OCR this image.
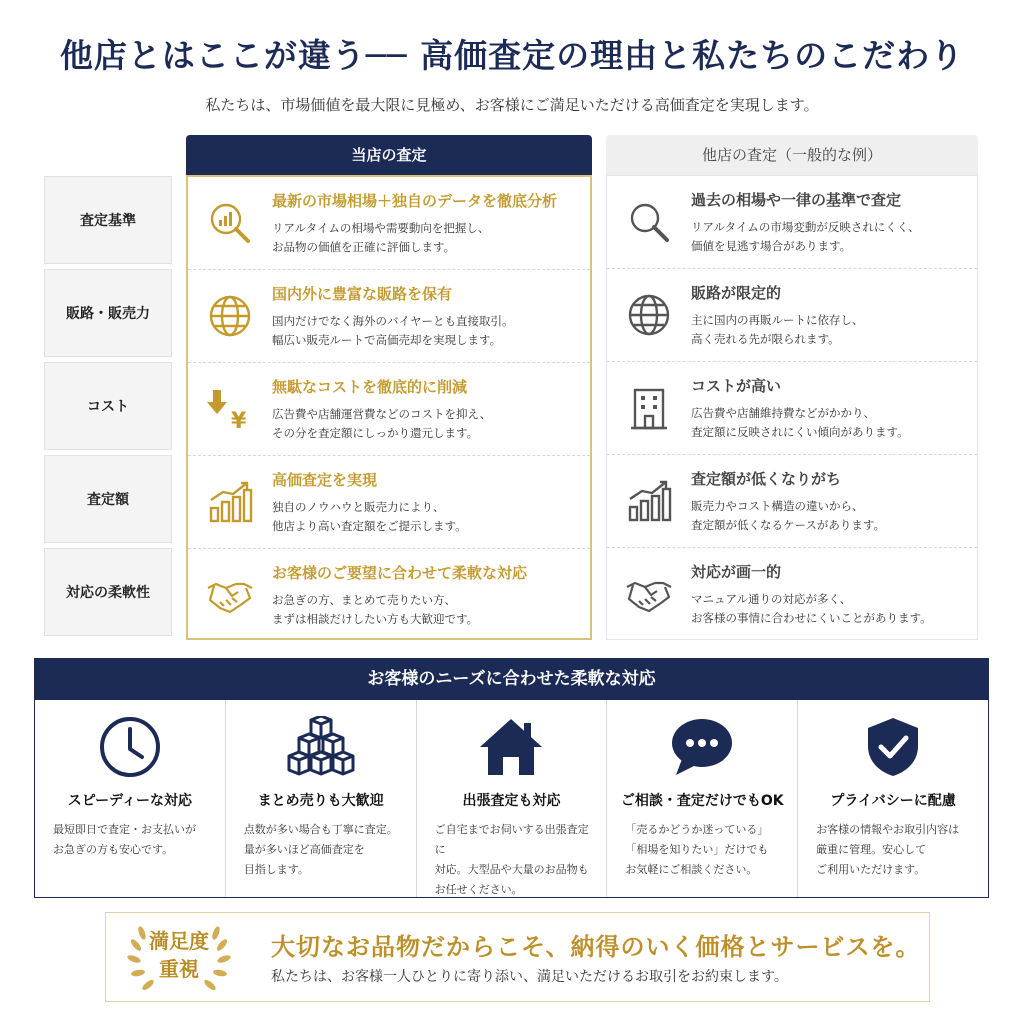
他店とはここが違う── 高価査定の理由と私たちのこだわり
私たちは、市場価値を最大限に見極め、お客様にご満足いただける高価査定を実現します。
当店の査定	他店の査定（一般的な例）
査定基準
販路・販売力
コスト
査定額
対応の柔軟性
最新の市場相場＋独自のデータを徹底分析
リアルタイムの相場や需要動向を把握し、
お品物の価値を正確に評価します。
国内外に豊富な販路を保有
国内だけでなく海外のバイヤーとも直接取引。
幅広い販売ルートで高価売却を実現します。
¥
無駄なコストを徹底的に削減
広告費や店舗運営費などのコストを抑え、
その分を査定額にしっかり還元します。
高価査定を実現
独自のノウハウと販売力により、
他店より高い査定額をご提示します。
お客様のご要望に合わせて柔軟な対応
お急ぎの方、まとめて売りたい方、
まずは相談だけしたい方も大歓迎です。
過去の相場や一律の基準で査定
リアルタイムの市場変動が反映されにくく、
価値を見逃す場合があります。
販路が限定的
主に国内の再販ルートに依存し、
高く売れる先が限られます。
コストが高い
広告費や店舗維持費などがかかり、
査定額に反映されにくい傾向があります。
査定額が低くなりがち
販売力やコスト構造の違いから、
査定額が低くなるケースがあります。
対応が画一的
マニュアル通りの対応が多く、
お客様の事情に合わせにくいことがあります。
お客様のニーズに合わせた柔軟な対応
スピーディーな対応
最短即日で査定・お支払いが
お急ぎの方も安心です。
まとめ売りも大歓迎
点数が多い場合も丁寧に査定。
量が多いほど高価査定を
目指します。
出張査定も対応
ご自宅までお伺いする出張査定に
対応。大型品や大量のお品物も
お任せください。
ご相談・査定だけでもOK
「売るかどうか迷っている」
「相場を知りたい」だけでも
お気軽にご相談ください。
プライバシーに配慮
お客様の情報やお取引内容は
厳重に管理。安心して
ご利用いただけます。
満足度
重視
大切なお品物だからこそ、納得のいく価格とサービスを。
私たちは、お客様一人ひとりに寄り添い、満足いただけるお取引をお約束します。
